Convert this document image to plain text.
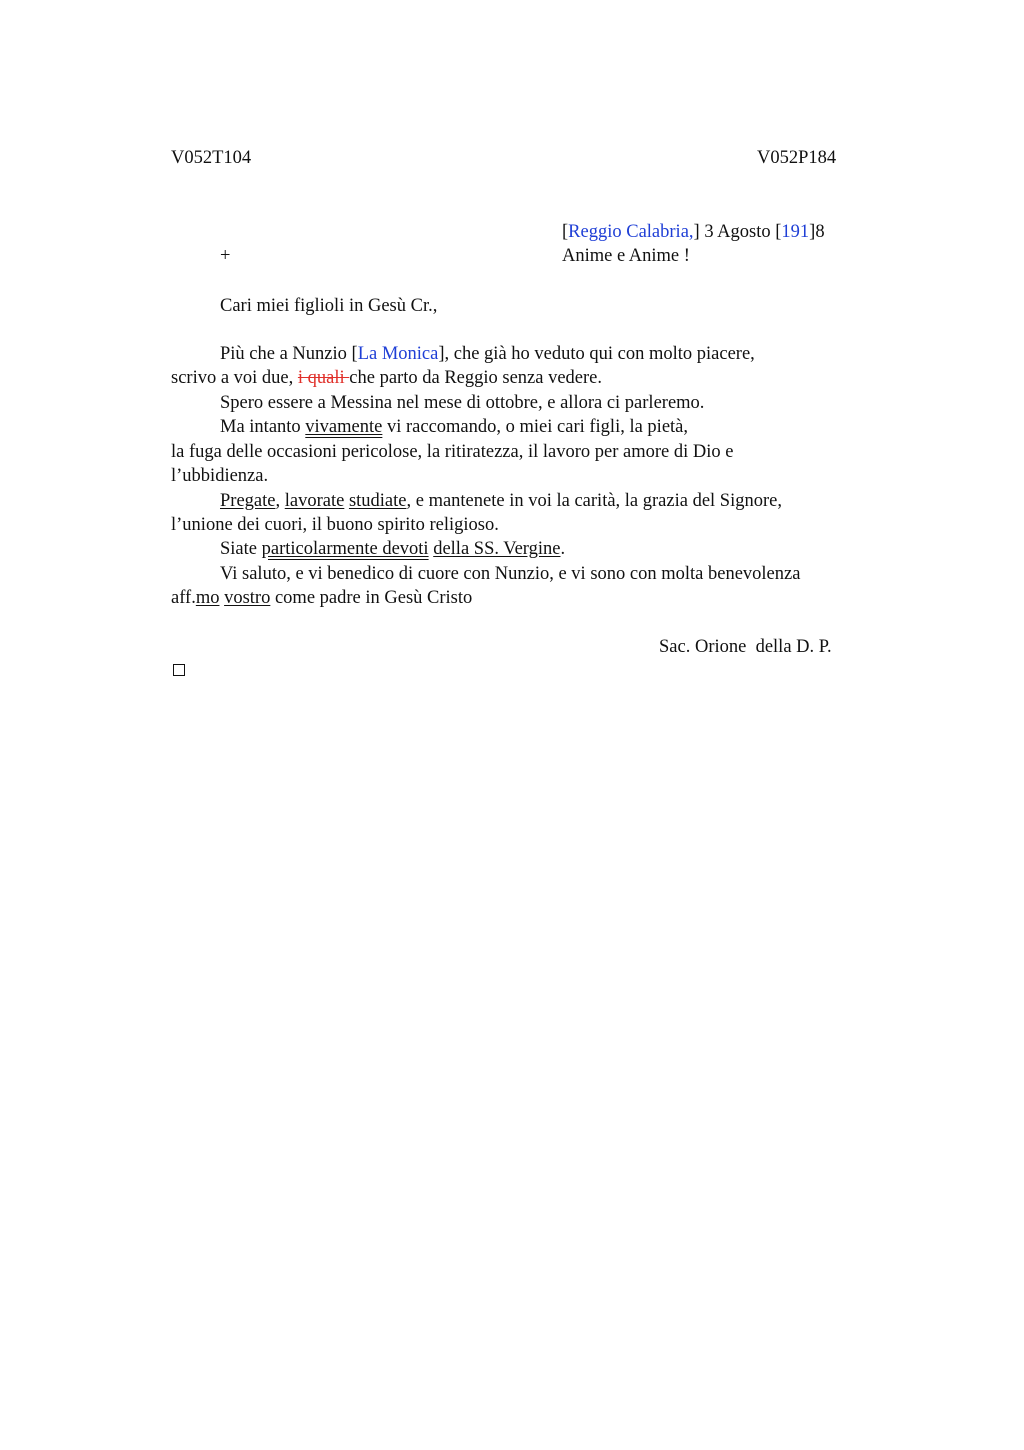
V052T104	V052P184
[Reggio Calabria,] 3 Agosto [191]8
+	Anime e Anime !
Cari miei figlioli in Gesù Cr.,
Più che a Nunzio [La Monica], che già ho veduto qui con molto piacere,
scrivo a voi due, i quali che parto da Reggio senza vedere.
Spero essere a Messina nel mese di ottobre, e allora ci parleremo.
Ma intanto vivamente vi raccomando, o miei cari figli, la pietà,
la fuga delle occasioni pericolose, la ritiratezza, il lavoro per amore di Dio e
l’ubbidienza.
Pregate, lavorate studiate, e mantenete in voi la carità, la grazia del Signore,
l’unione dei cuori, il buono spirito religioso.
Siate particolarmente devoti della SS. Vergine.
Vi saluto, e vi benedico di cuore con Nunzio, e vi sono con molta benevolenza
aff.mo vostro come padre in Gesù Cristo
Sac. Orione  della D. P.
